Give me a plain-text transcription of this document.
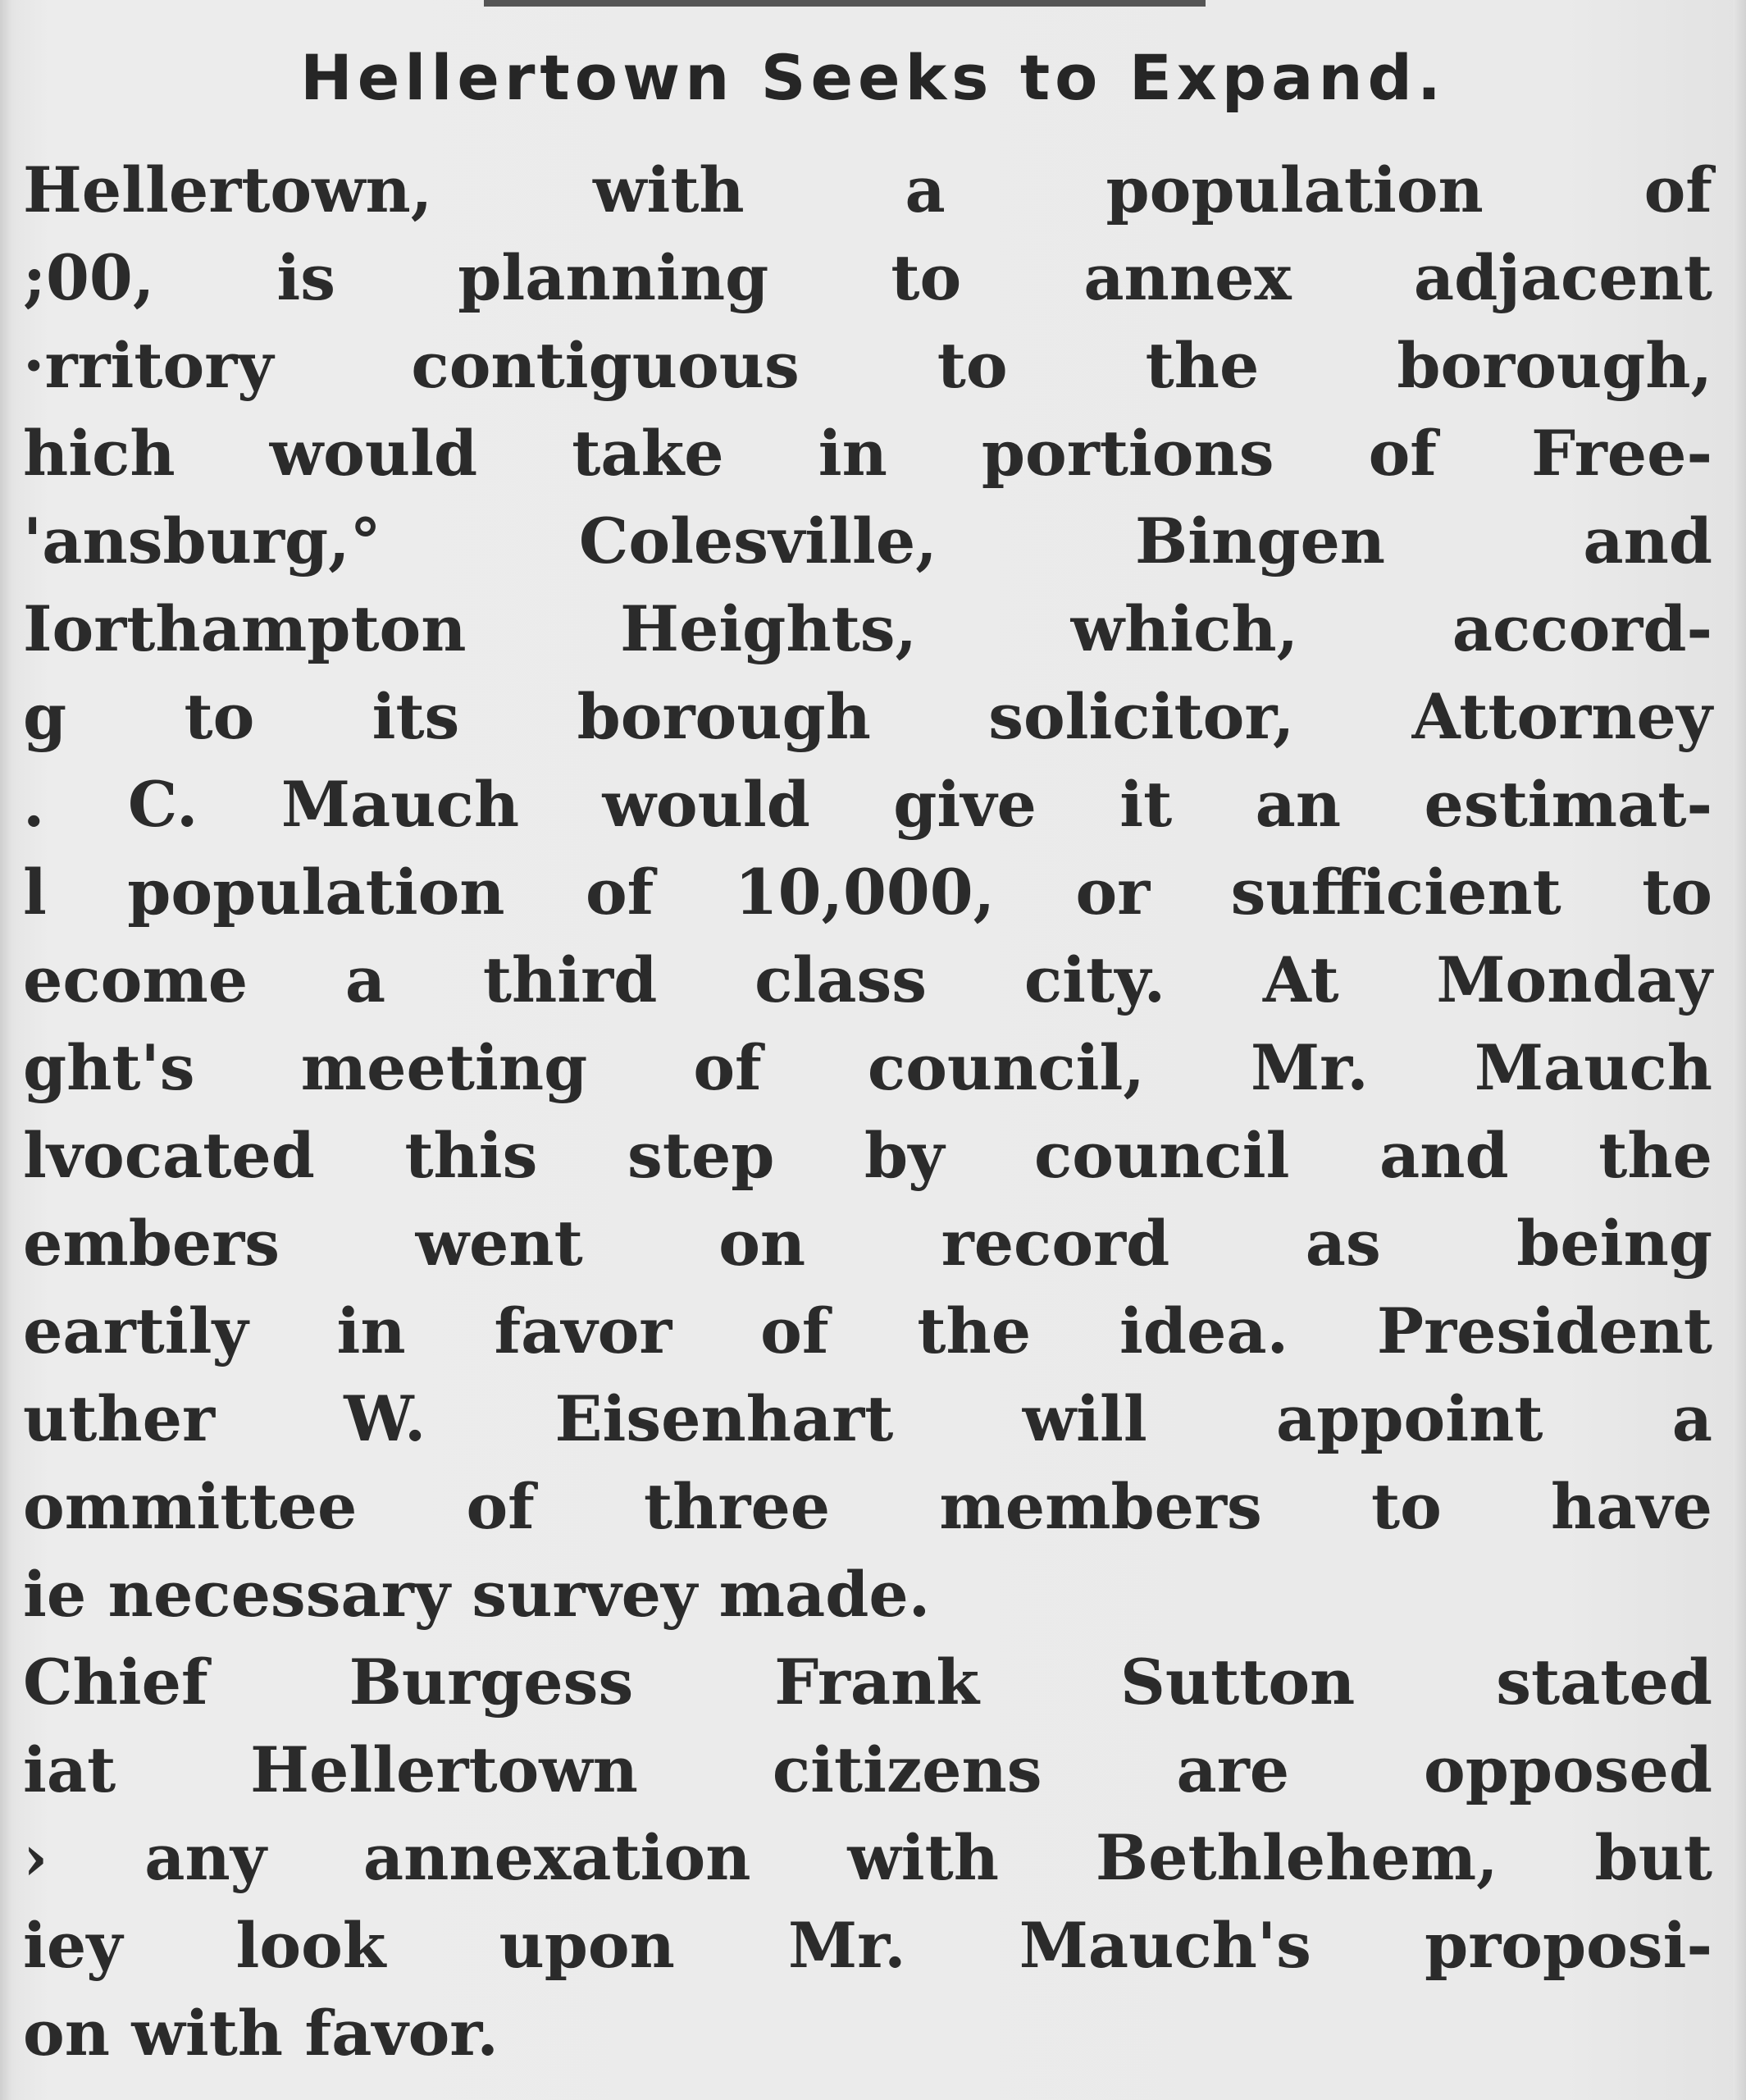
Hellertown Seeks to Expand.
Hellertown, with a population of
;00, is planning to annex adjacent
·rritory contiguous to the borough,
hich would take in portions of Free-
'ansburg,° Colesville, Bingen and
Iorthampton Heights, which, accord-
g to its borough solicitor, Attorney
. C. Mauch would give it an estimat-
l population of 10,000, or sufficient to
ecome a third class city. At Monday
ght's meeting of council, Mr. Mauch
lvocated this step by council and the
embers went on record as being
eartily in favor of the idea. President
uther W. Eisenhart will appoint a
ommittee of three members to have
ie necessary survey made.
Chief Burgess Frank Sutton stated
iat Hellertown citizens are opposed
› any annexation with Bethlehem, but
iey look upon Mr. Mauch's proposi-
on with favor.
